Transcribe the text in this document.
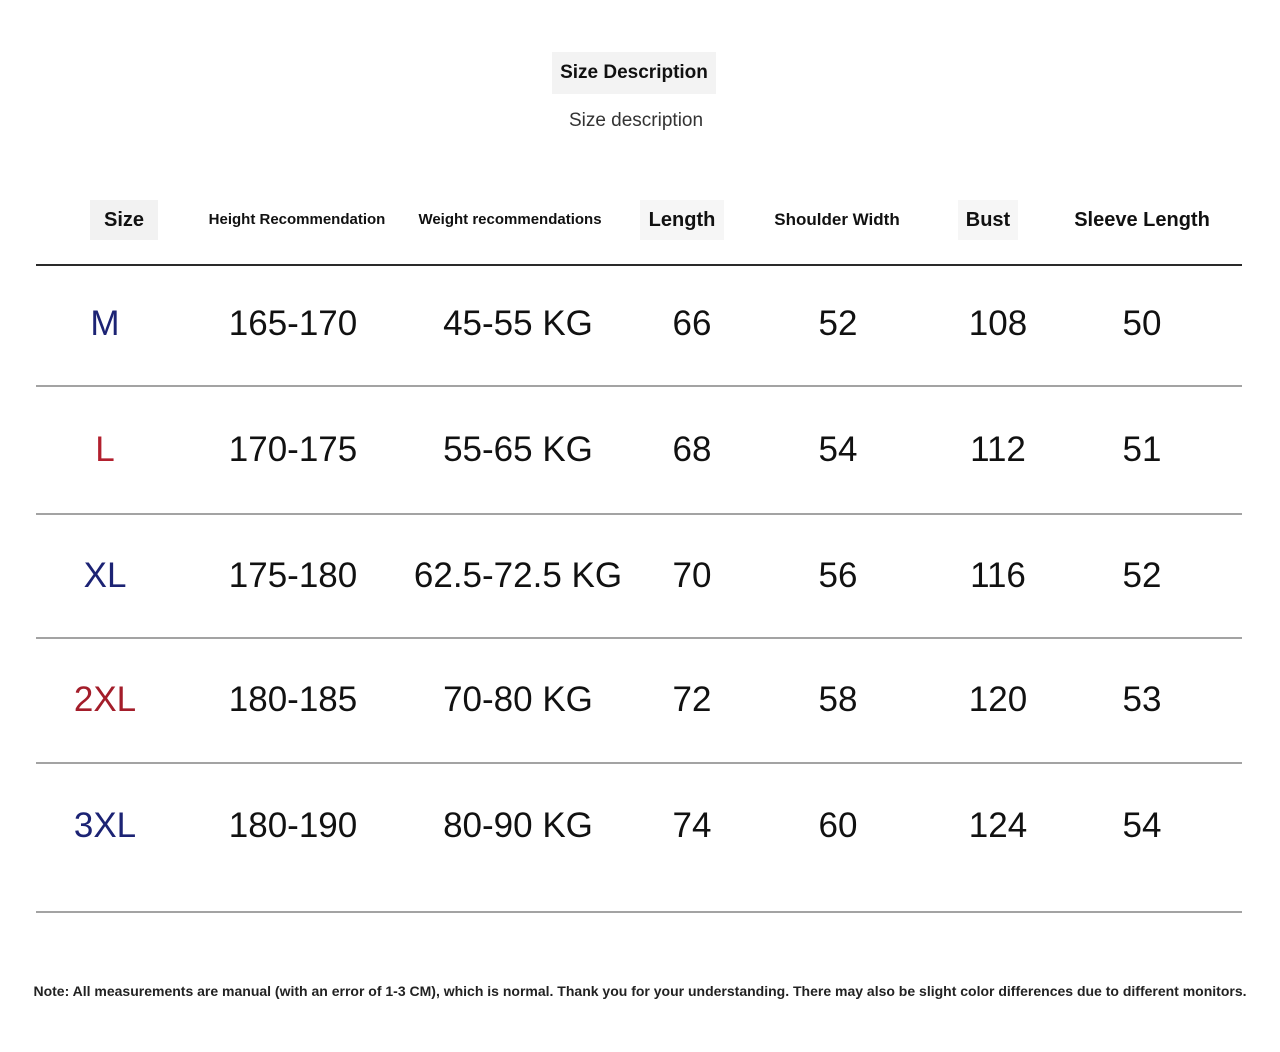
Size Description
Size description
Size	Height Recommendation	Weight recommendations	Length	Shoulder Width	Bust	Sleeve Length
M	165-170	45-55 KG	66	52	108	50
L	170-175	55-65 KG	68	54	112	51
XL	175-180	62.5-72.5 KG	70	56	116	52
2XL	180-185	70-80 KG	72	58	120	53
3XL	180-190	80-90 KG	74	60	124	54
Note: All measurements are manual (with an error of 1-3 CM), which is normal. Thank you for your understanding. There may also be slight color differences due to different monitors.
